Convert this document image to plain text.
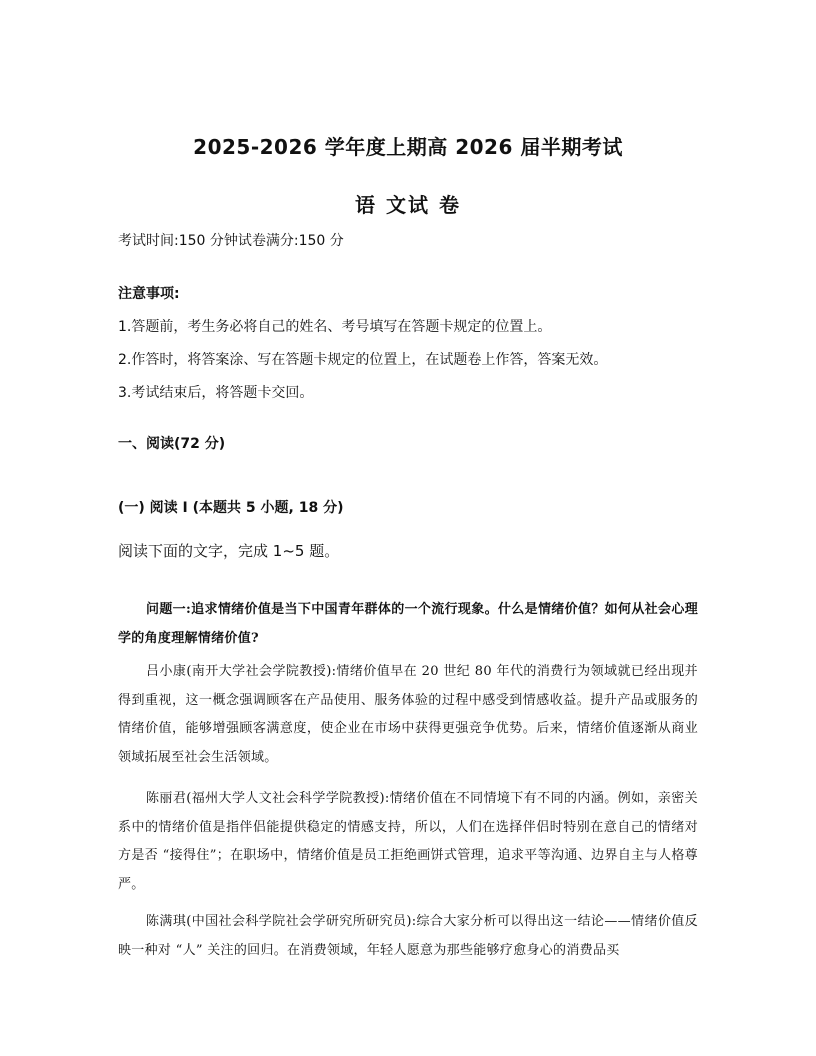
2025-2026 学年度上期高 2026 届半期考试
语 文试 卷

考试时间:150 分钟试卷满分:150 分

注意事项:

1.答题前，考生务必将自己的姓名、考号填写在答题卡规定的位置上。

2.作答时，将答案涂、写在答题卡规定的位置上，在试题卷上作答，答案无效。

3.考试结束后，将答题卡交回。

一、阅读(72 分)

(一) 阅读 I (本题共 5 小题, 18 分)

阅读下面的文字，完成 1~5 题。

问题一:追求情绪价值是当下中国青年群体的一个流行现象。什么是情绪价值？如何从社会心理学的角度理解情绪价值?

吕小康(南开大学社会学院教授):情绪价值早在 20 世纪 80 年代的消费行为领域就已经出现并得到重视，这一概念强调顾客在产品使用、服务体验的过程中感受到情感收益。提升产品或服务的情绪价值，能够增强顾客满意度，使企业在市场中获得更强竞争优势。后来，情绪价值逐渐从商业领域拓展至社会生活领域。

陈丽君(福州大学人文社会科学学院教授):情绪价值在不同情境下有不同的内涵。例如，亲密关系中的情绪价值是指伴侣能提供稳定的情感支持，所以，人们在选择伴侣时特别在意自己的情绪对方是否 “接得住”；在职场中，情绪价值是员工拒绝画饼式管理，追求平等沟通、边界自主与人格尊严。

陈满琪(中国社会科学院社会学研究所研究员):综合大家分析可以得出这一结论——情绪价值反映一种对 “人” 关注的回归。在消费领域，年轻人愿意为那些能够疗愈身心的消费品买
